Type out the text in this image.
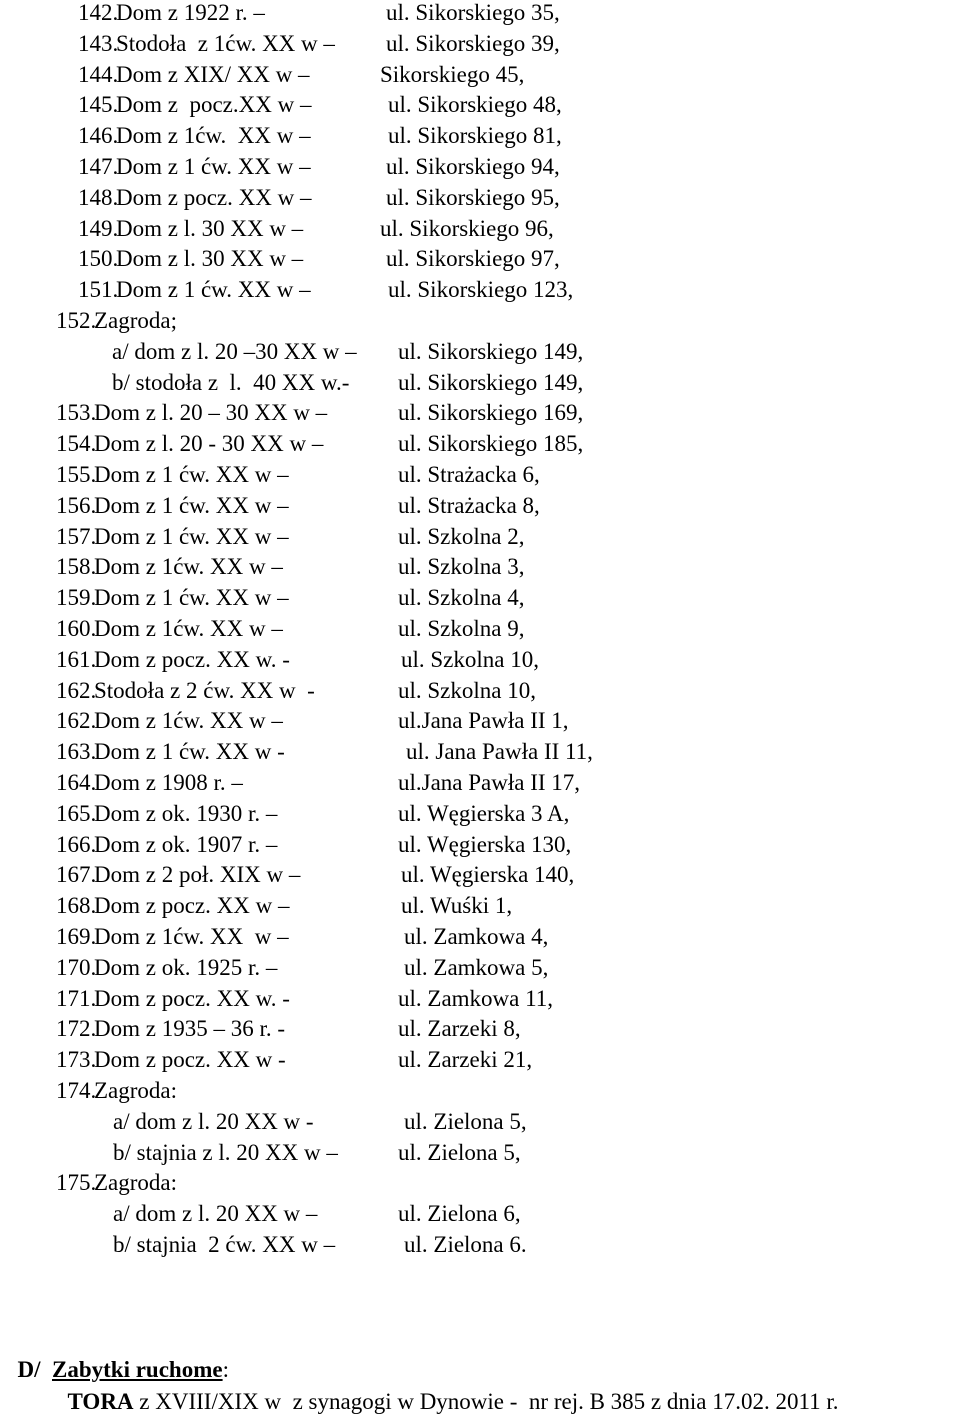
142.
Dom z 1922 r. –	ul. Sikorskiego 35,
143.
Stodoła  z 1ćw. XX w – ul. Sikorskiego 39,
144.
Dom z XIX/ XX w –	Sikorskiego 45,
145.
Dom z  pocz.XX w –	ul. Sikorskiego 48,
146.
Dom z 1ćw.  XX w –	ul. Sikorskiego 81,
147.
Dom z 1 ćw. XX w –	ul. Sikorskiego 94,
148.
Dom z pocz. XX w –	ul. Sikorskiego 95,
149.
Dom z l. 30 XX w –	ul. Sikorskiego 96,
150.
Dom z l. 30 XX w –	ul. Sikorskiego 97,
151.
Dom z 1 ćw. XX w –	ul. Sikorskiego 123,
152.
Zagroda;
a/ dom z l. 20 –30 XX w – ul. Sikorskiego 149,
b/ stodoła z  l.  40 XX w.- ul. Sikorskiego 149,
153.
Dom z l. 20 – 30 XX w –	ul. Sikorskiego 169,
154.
Dom z l. 20 - 30 XX w –	ul. Sikorskiego 185,
155.
Dom z 1 ćw. XX w –	ul. Strażacka 6,
156.
Dom z 1 ćw. XX w –	ul. Strażacka 8,
157.
Dom z 1 ćw. XX w –	ul. Szkolna 2,
158.
Dom z 1ćw. XX w –	ul. Szkolna 3,
159.
Dom z 1 ćw. XX w –	ul. Szkolna 4,
160.
Dom z 1ćw. XX w –	ul. Szkolna 9,
161.
Dom z pocz. XX w. -	ul. Szkolna 10,
162.
Stodoła z 2 ćw. XX w  -	ul. Szkolna 10,
162.
Dom z 1ćw. XX w –	ul.Jana Pawła II 1,
163.
Dom z 1 ćw. XX w -	ul. Jana Pawła II 11,
164.
Dom z 1908 r. –	ul.Jana Pawła II 17,
165.
Dom z ok. 1930 r. –	ul. Węgierska 3 A,
166.
Dom z ok. 1907 r. –	ul. Węgierska 130,
167.
Dom z 2 poł. XIX w –	ul. Węgierska 140,
168.
Dom z pocz. XX w –	ul. Wuśki 1,
169.
Dom z 1ćw. XX  w –	ul. Zamkowa 4,
170.
Dom z ok. 1925 r. –	ul. Zamkowa 5,
171.
Dom z pocz. XX w. -	ul. Zamkowa 11,
172.
Dom z 1935 – 36 r. -	ul. Zarzeki 8,
173.
Dom z pocz. XX w -	ul. Zarzeki 21,
174.
Zagroda:
a/ dom z l. 20 XX w -	ul. Zielona 5,
b/ stajnia z l. 20 XX w –	ul. Zielona 5,
175.
Zagroda:
a/ dom z l. 20 XX w –	ul. Zielona 6,
b/ stajnia  2 ćw. XX w –	ul. Zielona 6.

D/ Zabytki ruchome:

TORA z XVIII/XIX w  z synagogi w Dynowie -  nr rej. B 385 z dnia 17.02. 2011 r.
